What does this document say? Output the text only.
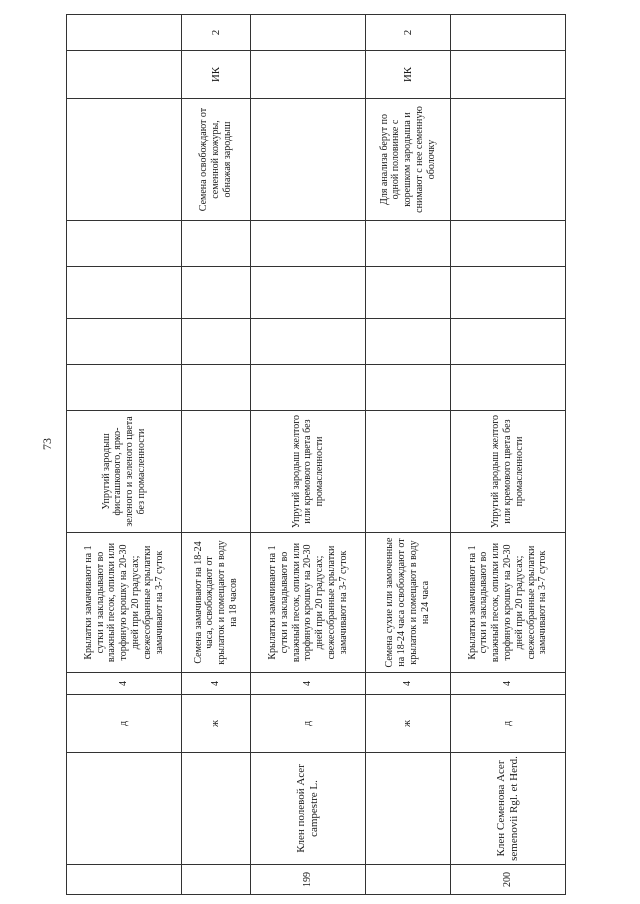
73
		д	4	Крылатки замачивают на 1 сутки и закладывают во влажный песок, опилки или торфяную крошку на 20-30 дней при 20 градусах; свежесобранные крылатки замачивают на 3-7 суток	Упругий зародыш фисташкового, ярко-зеленого и зеленого цвета без промасленности							
		ж	4	Семена замачивают на 18-24 часа, освобождают от крылаток и помещают в воду на 18 часов						Семена освобождают от семенной кожуры, обнажая зародыш	ИК	2
199	Клен полевой Acer campestre L.	д	4	Крылатки замачивают на 1 сутки и закладывают во влажный песок, опилки или торфяную крошку на 20-30 дней при 20 градусах; свежесобранные крылатки замачивают на 3-7 суток	Упругий зародыш желтого или кремового цвета без промасленности							
		ж	4	Семена сухие или замоченные на 18-24 часа освобождают от крылаток и помещают в воду на 24 часа						Для анализа берут по одной половинке с корешком зародыша и снимают с нее семенную оболочку	ИК	2
200	Клен Семенова Acer semenovii Rgl. et Herd.	д	4	Крылатки замачивают на 1 сутки и закладывают во влажный песок, опилки или торфяную крошку на 20-30 дней при 20 градусах; свежесобранные крылатки замачивают на 3-7 суток	Упругий зародыш желтого или кремового цвета без промасленности							
